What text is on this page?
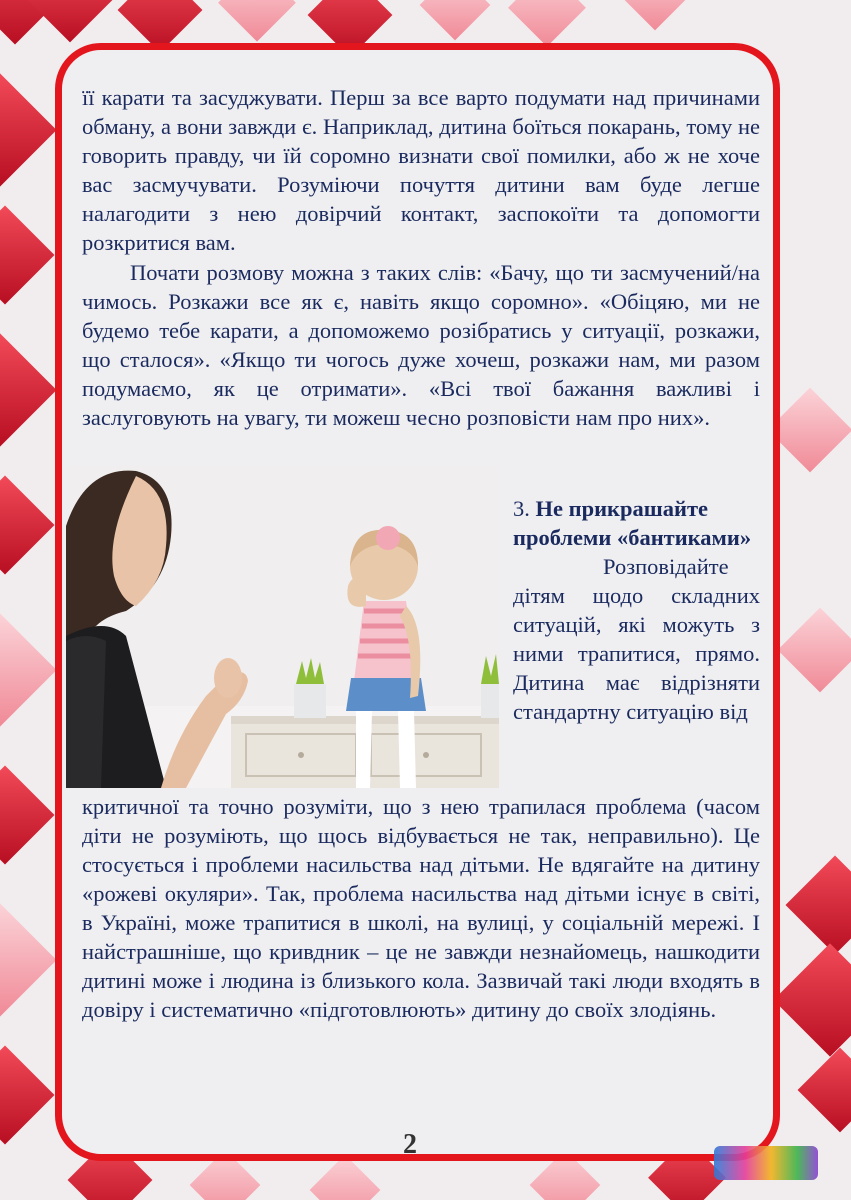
її карати та засуджувати. Перш за все варто подумати над причинами обману, а вони завжди є. Наприклад, дитина боїться покарань, тому не говорить правду, чи їй соромно визнати свої помилки, або ж не хоче вас засмучувати. Розуміючи почуття дитини вам буде легше налагодити з нею довірчий контакт, заспокоїти та допомогти розкритися вам.

Почати розмову можна з таких слів: «Бачу, що ти засмучений/на чимось. Розкажи все як є, навіть якщо соромно». «Обіцяю, ми не будемо тебе карати, а допоможемо розібратись у ситуації, розкажи, що сталося». «Якщо ти чогось дуже хочеш, розкажи нам, ми разом подумаємо, як це отримати». «Всі твої бажання важливі і заслуговують на увагу, ти можеш чесно розповісти нам про них».

3. Не прикрашайте проблеми «бантиками»
Розповідайте дітям щодо складних ситуацій, які можуть з ними трапитися, прямо. Дитина має відрізняти стандартну ситуацію від

критичної та точно розуміти, що з нею трапилася проблема (часом діти не розуміють, що щось відбувається не так, неправильно). Це стосується і проблеми насильства над дітьми. Не вдягайте на дитину «рожеві окуляри». Так, проблема насильства над дітьми існує в світі, в Україні, може трапитися в школі, на вулиці, у соціальній мережі. І найстрашніше, що кривдник – це не завжди незнайомець, нашкодити дитині може і людина із близького кола. Зазвичай такі люди входять в довіру і систематично «підготовлюють» дитину до своїх злодіянь.

2
